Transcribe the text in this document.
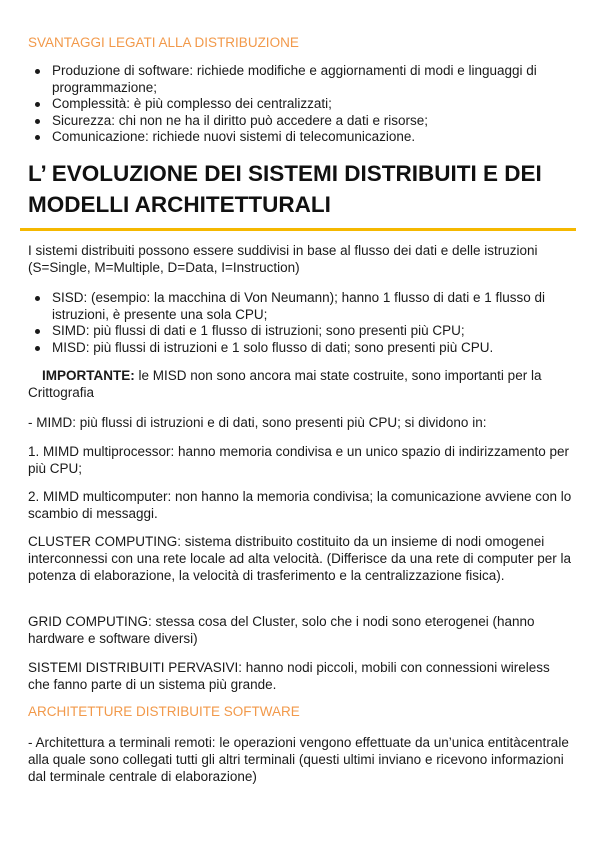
SVANTAGGI LEGATI ALLA DISTRIBUZIONE
Produzione di software: richiede modifiche e aggiornamenti di modi e linguaggi di programmazione;
Complessità: è più complesso dei centralizzati;
Sicurezza: chi non ne ha il diritto può accedere a dati e risorse;
Comunicazione: richiede nuovi sistemi di telecomunicazione.
L’ EVOLUZIONE DEI SISTEMI DISTRIBUITI E DEI MODELLI ARCHITETTURALI

I sistemi distribuiti possono essere suddivisi in base al flusso dei dati e delle istruzioni (S=Single, M=Multiple, D=Data, I=Instruction)

SISD: (esempio: la macchina di Von Neumann); hanno 1 flusso di dati e 1 flusso di istruzioni, è presente una sola CPU;
SIMD: più flussi di dati e 1 flusso di istruzioni; sono presenti più CPU;
MISD: più flussi di istruzioni e 1 solo flusso di dati; sono presenti più CPU.

IMPORTANTE: le MISD non sono ancora mai state costruite, sono importanti per la Crittografia

- MIMD: più flussi di istruzioni e di dati, sono presenti più CPU; si dividono in:

1. MIMD multiprocessor: hanno memoria condivisa e un unico spazio di indirizzamento per più CPU;

2. MIMD multicomputer: non hanno la memoria condivisa; la comunicazione avviene con lo scambio di messaggi.

CLUSTER COMPUTING: sistema distribuito costituito da un insieme di nodi omogenei interconnessi con una rete locale ad alta velocità. (Differisce da una rete di computer per la potenza di elaborazione, la velocità di trasferimento e la centralizzazione fisica).

GRID COMPUTING: stessa cosa del Cluster, solo che i nodi sono eterogenei (hanno hardware e software diversi)

SISTEMI DISTRIBUITI PERVASIVI: hanno nodi piccoli, mobili con connessioni wireless che fanno parte di un sistema più grande.

ARCHITETTURE DISTRIBUITE SOFTWARE

- Architettura a terminali remoti: le operazioni vengono effettuate da un’unica entitàcentrale alla quale sono collegati tutti gli altri terminali (questi ultimi inviano e ricevono informazioni dal terminale centrale di elaborazione)
